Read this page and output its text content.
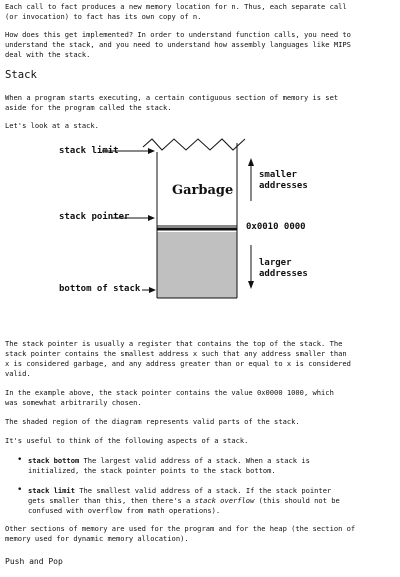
Each call to fact produces a new memory location for n. Thus, each separate call
(or invocation) to fact has its own copy of n.
How does this get implemented? In order to understand function calls, you need to
understand the stack, and you need to understand how assembly languages like MIPS
deal with the stack.
Stack
When a program starts executing, a certain contiguous section of memory is set
aside for the program called the stack.
Let's look at a stack.
stack limit
stack pointer
bottom of stack
Garbage
smaller
addresses
0x0010 0000
larger
addresses
The stack pointer is usually a register that contains the top of the stack. The
stack pointer contains the smallest address x such that any address smaller than
x is considered garbage, and any address greater than or equal to x is considered
valid.
In the example above, the stack pointer contains the value 0x0000 1000, which
was somewhat arbitrarily chosen.
The shaded region of the diagram represents valid parts of the stack.
It's useful to think of the following aspects of a stack.
• stack bottom The largest valid address of a stack. When a stack is
initialized, the stack pointer points to the stack bottom.
• stack limit The smallest valid address of a stack. If the stack pointer
gets smaller than this, then there's a stack overflow (this should not be
confused with overflow from math operations).
Other sections of memory are used for the program and for the heap (the section of
memory used for dynamic memory allocation).
Push and Pop
